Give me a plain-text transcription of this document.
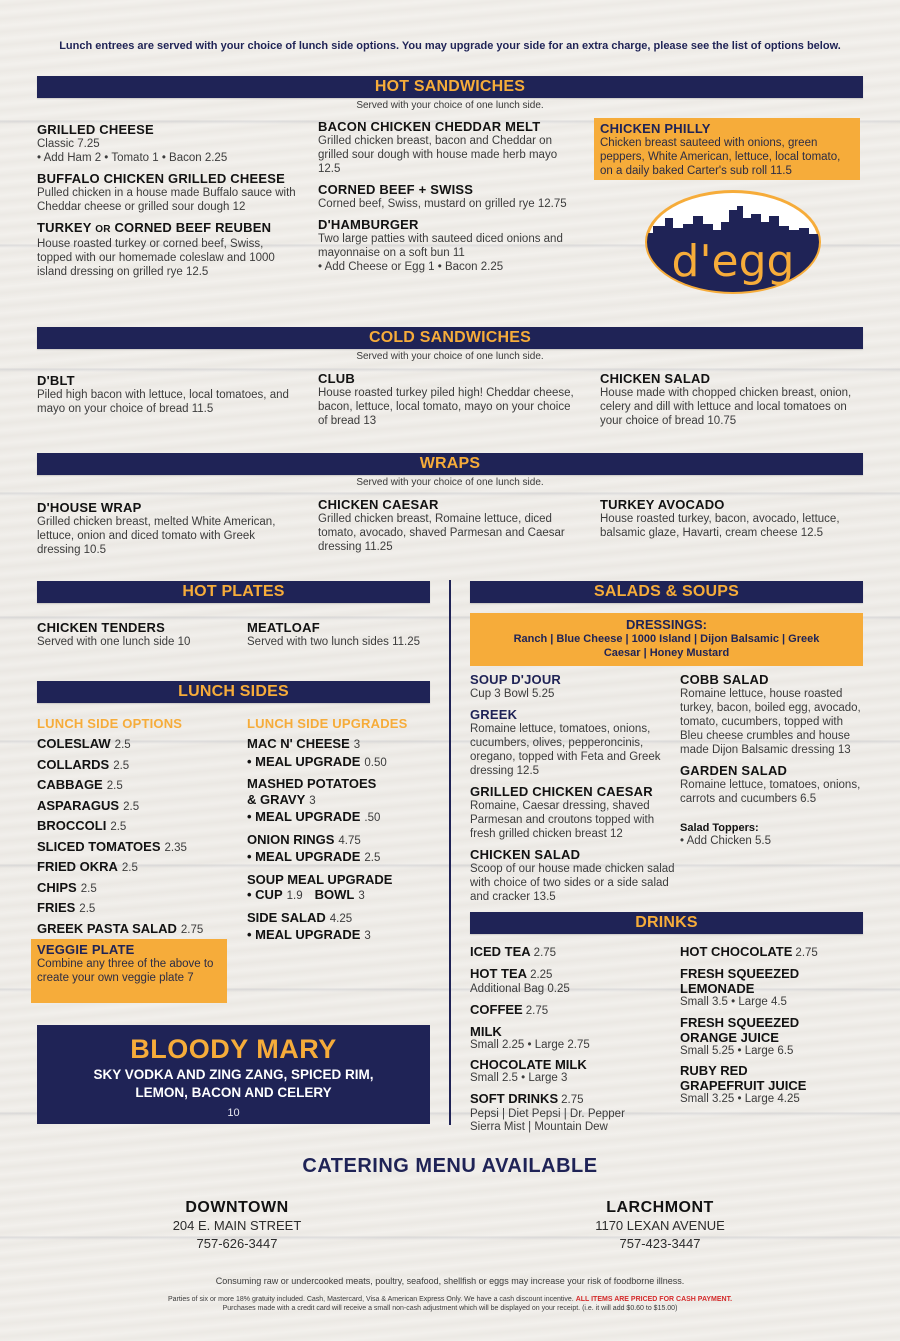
Lunch entrees are served with your choice of lunch side options. You may upgrade your side for an extra charge, please see the list of options below.
HOT SANDWICHES
Served with your choice of one lunch side.
GRILLED CHEESE
Classic 7.25
• Add Ham 2 • Tomato 1 • Bacon 2.25
BUFFALO CHICKEN GRILLED CHEESE
Pulled chicken in a house made Buffalo sauce with Cheddar cheese or grilled sour dough 12
TURKEY OR CORNED BEEF REUBEN
House roasted turkey or corned beef, Swiss, topped with our homemade coleslaw and 1000 island dressing on grilled rye 12.5
BACON CHICKEN CHEDDAR MELT
Grilled chicken breast, bacon and Cheddar on grilled sour dough with house made herb mayo 12.5
CORNED BEEF + SWISS
Corned beef, Swiss, mustard on grilled rye 12.75
D'HAMBURGER
Two large patties with sauteed diced onions and mayonnaise on a soft bun 11
• Add Cheese or Egg 1 • Bacon 2.25
CHICKEN PHILLY
Chicken breast sauteed with onions, green peppers, White American, lettuce, local tomato, on a daily baked Carter's sub roll 11.5
d'egg
COLD SANDWICHES
Served with your choice of one lunch side.
D'BLT
Piled high bacon with lettuce, local tomatoes, and mayo on your choice of bread 11.5
CLUB
House roasted turkey piled high! Cheddar cheese, bacon, lettuce, local tomato, mayo on your choice of bread 13
CHICKEN SALAD
House made with chopped chicken breast, onion, celery and dill with lettuce and local tomatoes on your choice of bread 10.75
WRAPS
Served with your choice of one lunch side.
D'HOUSE WRAP
Grilled chicken breast, melted White American, lettuce, onion and diced tomato with Greek dressing 10.5
CHICKEN CAESAR
Grilled chicken breast, Romaine lettuce, diced tomato, avocado, shaved Parmesan and Caesar dressing 11.25
TURKEY AVOCADO
House roasted turkey, bacon, avocado, lettuce, balsamic glaze, Havarti, cream cheese 12.5
HOT PLATES
CHICKEN TENDERS
Served with one lunch side 10
MEATLOAF
Served with two lunch sides 11.25
LUNCH SIDES
LUNCH SIDE OPTIONS
COLESLAW 2.5
COLLARDS 2.5
CABBAGE 2.5
ASPARAGUS 2.5
BROCCOLI 2.5
SLICED TOMATOES 2.35
FRIED OKRA 2.5
CHIPS 2.5
FRIES 2.5
GREEK PASTA SALAD 2.75
VEGGIE PLATE
Combine any three of the above to create your own veggie plate 7
LUNCH SIDE UPGRADES
MAC N' CHEESE 3
• MEAL UPGRADE 0.50
MASHED POTATOES
& GRAVY 3
• MEAL UPGRADE .50
ONION RINGS 4.75
• MEAL UPGRADE 2.5
SOUP MEAL UPGRADE
• CUP 1.9 BOWL 3
SIDE SALAD 4.25
• MEAL UPGRADE 3
BLOODY MARY
SKY VODKA AND ZING ZANG, SPICED RIM,
LEMON, BACON AND CELERY
10
SALADS & SOUPS
DRESSINGS:
Ranch | Blue Cheese | 1000 Island | Dijon Balsamic | Greek
Caesar | Honey Mustard
SOUP D'JOUR
Cup 3 Bowl 5.25
GREEK
Romaine lettuce, tomatoes, onions, cucumbers, olives, pepperoncinis, oregano, topped with Feta and Greek dressing 12.5
GRILLED CHICKEN CAESAR
Romaine, Caesar dressing, shaved Parmesan and croutons topped with fresh grilled chicken breast 12
CHICKEN SALAD
Scoop of our house made chicken salad with choice of two sides or a side salad and cracker 13.5
COBB SALAD
Romaine lettuce, house roasted turkey, bacon, boiled egg, avocado, tomato, cucumbers, topped with Bleu cheese crumbles and house made Dijon Balsamic dressing 13
GARDEN SALAD
Romaine lettuce, tomatoes, onions, carrots and cucumbers 6.5
Salad Toppers:
• Add Chicken 5.5
DRINKS
ICED TEA 2.75
HOT TEA 2.25
Additional Bag 0.25
COFFEE 2.75
MILK
Small 2.25 • Large 2.75
CHOCOLATE MILK
Small 2.5 • Large 3
SOFT DRINKS 2.75
Pepsi | Diet Pepsi | Dr. Pepper Sierra Mist | Mountain Dew
HOT CHOCOLATE 2.75
FRESH SQUEEZED LEMONADE
Small 3.5 • Large 4.5
FRESH SQUEEZED ORANGE JUICE
Small 5.25 • Large 6.5
RUBY RED GRAPEFRUIT JUICE
Small 3.25 • Large 4.25
CATERING MENU AVAILABLE
DOWNTOWN
204 E. MAIN STREET
757-626-3447
LARCHMONT
1170 LEXAN AVENUE
757-423-3447
Consuming raw or undercooked meats, poultry, seafood, shellfish or eggs may increase your risk of foodborne illness.
Parties of six or more 18% gratuity included. Cash, Mastercard, Visa & American Express Only. We have a cash discount incentive. ALL ITEMS ARE PRICED FOR CASH PAYMENT.
Purchases made with a credit card will receive a small non-cash adjustment which will be displayed on your receipt. (i.e. it will add $0.60 to $15.00)
